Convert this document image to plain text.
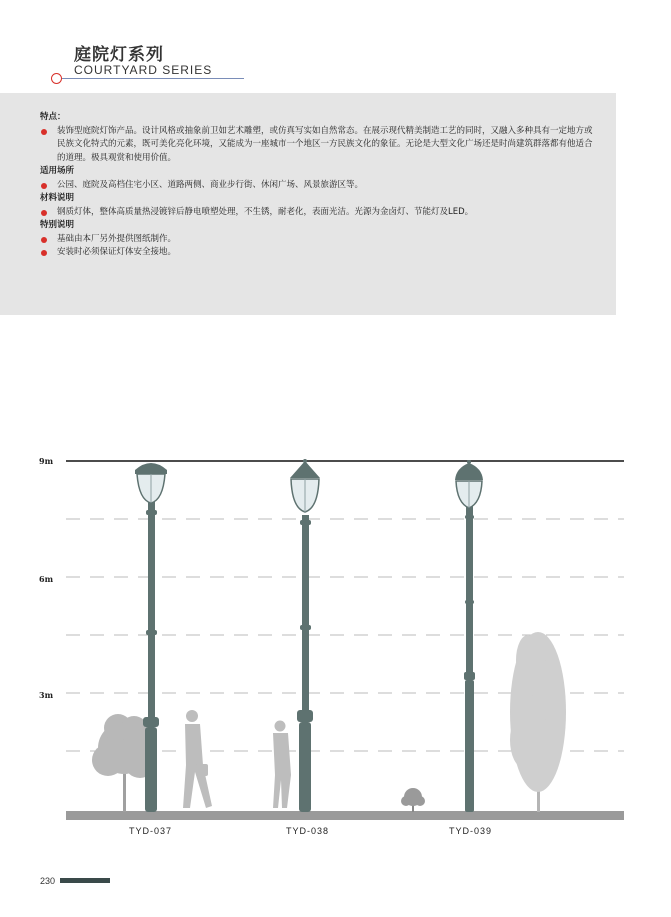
庭院灯系列
COURTYARD SERIES

特点：

装饰型庭院灯饰产品。设计风格或抽象前卫如艺术雕塑，或仿真写实如自然常态。在展示现代精美制造工艺的同时，又融入多种具有一定地方或民族文化特式的元素，既可美化亮化环境，又能成为一座城市一个地区一方民族文化的象征。无论是大型文化广场还是时尚建筑群落都有他适合的道理。极具观赏和使用价值。

适用场所

公园、庭院及高档住宅小区、道路两侧、商业步行街、休闲广场、风景旅游区等。

材料说明

钢质灯体，整体高质量热浸镀锌后静电喷塑处理，不生锈，耐老化，表面光洁。光源为金卤灯、节能灯及LED。

特别说明

基础由本厂另外提供图纸制作。

安装时必须保证灯体安全接地。

9m
6m
3m
TYD-037	TYD-038	TYD-039
230
